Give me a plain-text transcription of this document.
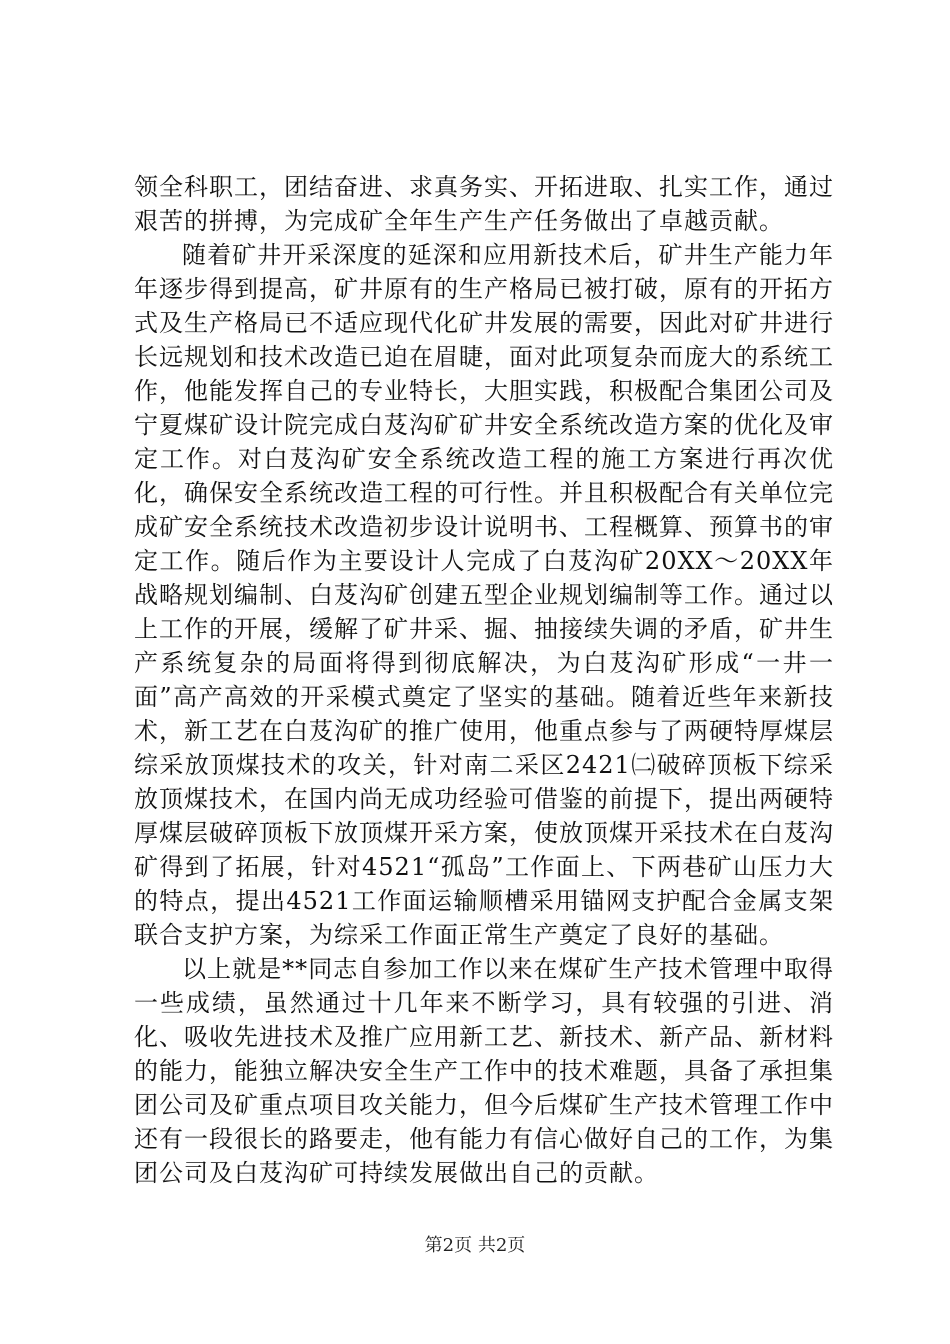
领全科职工，团结奋进、求真务实、开拓进取、扎实工作，通过艰苦的拼搏，为完成矿全年生产生产任务做出了卓越贡献。

随着矿井开采深度的延深和应用新技术后，矿井生产能力年年逐步得到提高，矿井原有的生产格局已被打破，原有的开拓方式及生产格局已不适应现代化矿井发展的需要，因此对矿井进行长远规划和技术改造已迫在眉睫，面对此项复杂而庞大的系统工作，他能发挥自己的专业特长，大胆实践，积极配合集团公司及宁夏煤矿设计院完成白芨沟矿矿井安全系统改造方案的优化及审定工作。对白芨沟矿安全系统改造工程的施工方案进行再次优化，确保安全系统改造工程的可行性。并且积极配合有关单位完成矿安全系统技术改造初步设计说明书、工程概算、预算书的审定工作。随后作为主要设计人完成了白芨沟矿20XX～20XX年战略规划编制、白芨沟矿创建五型企业规划编制等工作。通过以上工作的开展，缓解了矿井采、掘、抽接续失调的矛盾，矿井生产系统复杂的局面将得到彻底解决，为白芨沟矿形成“一井一面”高产高效的开采模式奠定了坚实的基础。随着近些年来新技术，新工艺在白芨沟矿的推广使用，他重点参与了两硬特厚煤层综采放顶煤技术的攻关，针对南二采区2421㈡破碎顶板下综采放顶煤技术，在国内尚无成功经验可借鉴的前提下，提出两硬特厚煤层破碎顶板下放顶煤开采方案，使放顶煤开采技术在白芨沟矿得到了拓展，针对4521“孤岛”工作面上、下两巷矿山压力大的特点，提出4521工作面运输顺槽采用锚网支护配合金属支架联合支护方案，为综采工作面正常生产奠定了良好的基础。

以上就是**同志自参加工作以来在煤矿生产技术管理中取得一些成绩，虽然通过十几年来不断学习，具有较强的引进、消化、吸收先进技术及推广应用新工艺、新技术、新产品、新材料的能力，能独立解决安全生产工作中的技术难题，具备了承担集团公司及矿重点项目攻关能力，但今后煤矿生产技术管理工作中还有一段很长的路要走，他有能力有信心做好自己的工作，为集团公司及白芨沟矿可持续发展做出自己的贡献。

第2页 共2页
